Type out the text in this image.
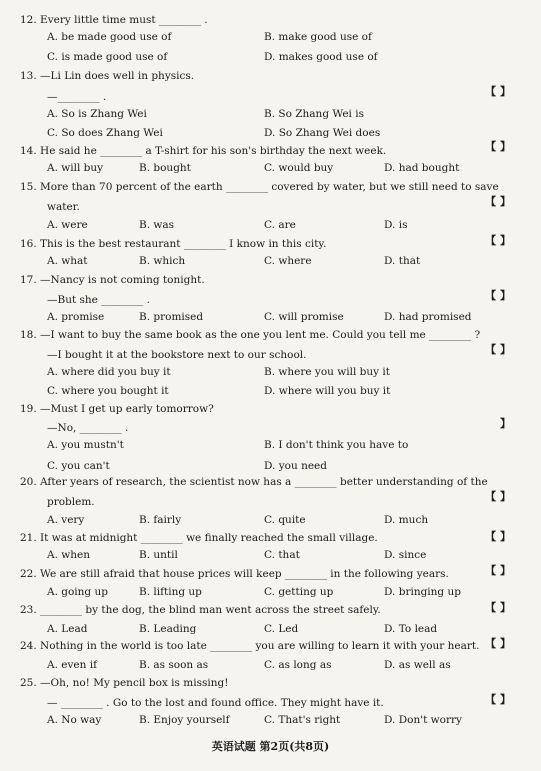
12. Every little time must ________ .
A. be made good use of	B. make good use of
C. is made good use of	D. makes good use of
13. —Li Lin does well in physics.
—________ .
A. So is Zhang Wei	B. So Zhang Wei is
C. So does Zhang Wei	D. So Zhang Wei does
【 】
14. He said he ________ a T-shirt for his son's birthday the next week.
A. will buy	B. bought	C. would buy	D. had bought
【 】
15. More than 70 percent of the earth ________ covered by water, but we still need to save
water.
A. were	B. was	C. are	D. is
【 】
16. This is the best restaurant ________ I know in this city.
A. what	B. which	C. where	D. that
【 】
17. —Nancy is not coming tonight.
—But she ________ .
A. promise	B. promised	C. will promise	D. had promised
【 】
18. —I want to buy the same book as the one you lent me. Could you tell me ________ ?
—I bought it at the bookstore next to our school.
A. where did you buy it	B. where you will buy it
C. where you bought it	D. where will you buy it
【 】
19. —Must I get up early tomorrow?
—No, ________ .
A. you mustn't	B. I don't think you have to
C. you can't	D. you need
】
20. After years of research, the scientist now has a ________ better understanding of the
problem.
A. very	B. fairly	C. quite	D. much
【 】
21. It was at midnight ________ we finally reached the small village.
A. when	B. until	C. that	D. since
【 】
22. We are still afraid that house prices will keep ________ in the following years.
A. going up	B. lifting up	C. getting up	D. bringing up
【 】
23. ________ by the dog, the blind man went across the street safely.
A. Lead	B. Leading	C. Led	D. To lead
【 】
24. Nothing in the world is too late ________ you are willing to learn it with your heart.
A. even if	B. as soon as	C. as long as	D. as well as
【 】
25. —Oh, no! My pencil box is missing!
— ________ . Go to the lost and found office. They might have it.
A. No way	B. Enjoy yourself	C. That's right	D. Don't worry
【 】
英语试题 第2页(共8页)
